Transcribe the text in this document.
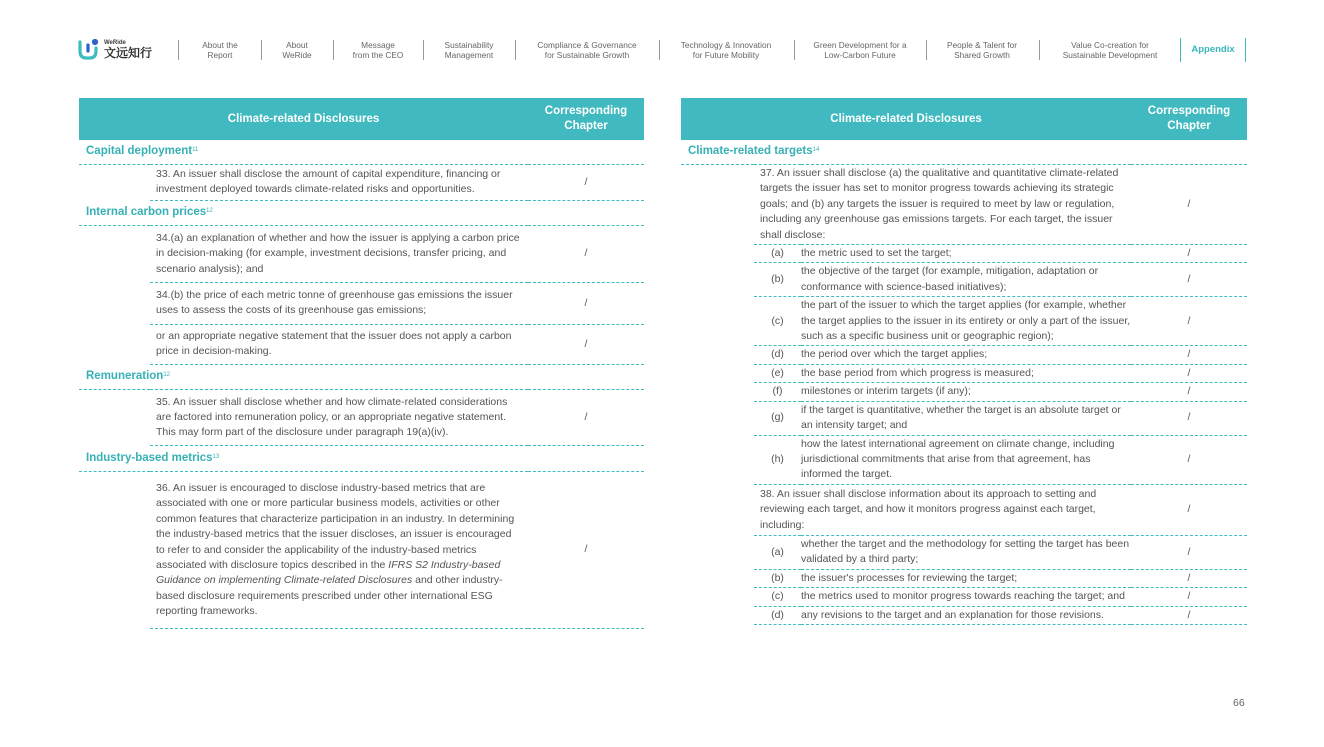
WeRide
文远知行
About the
Report
About
WeRide
Message
from the CEO
Sustainability
Management
Compliance & Governance
for Sustainable Growth
Technology & Innovation
for Future Mobility
Green Development for a
Low-Carbon Future
People & Talent for
Shared Growth
Value Co-creation for
Sustainable Development	Appendix
Climate-related Disclosures		Corresponding Chapter
Capital deployment$^{11}$
	33. An issuer shall disclose the amount of capital expenditure, financing or investment deployed towards climate-related risks and opportunities.	/
Internal carbon prices$^{12}$
	34.(a) an explanation of whether and how the issuer is applying a carbon price in decision-making (for example, investment decisions, transfer pricing, and scenario analysis); and	/
	34.(b) the price of each metric tonne of greenhouse gas emissions the issuer uses to assess the costs of its greenhouse gas emissions;	/
	or an appropriate negative statement that the issuer does not apply a carbon price in decision-making.	/
Remuneration$^{12}$
	35. An issuer shall disclose whether and how climate-related considerations are factored into remuneration policy, or an appropriate negative statement. This may form part of the disclosure under paragraph 19(a)(iv).	/
Industry-based metrics$^{13}$
	36. An issuer is encouraged to disclose industry-based metrics that are associated with one or more particular business models, activities or other common features that characterize participation in an industry. In determining the industry-based metrics that the issuer discloses, an issuer is encouraged to refer to and consider the applicability of the industry-based metrics associated with disclosure topics described in the IFRS S2 Industry-based Guidance on implementing Climate-related Disclosures and other industry-based disclosure requirements prescribed under other international ESG reporting frameworks.	/
Climate-related Disclosures			Corresponding Chapter
Climate-related targets$^{14}$
	37. An issuer shall disclose (a) the qualitative and quantitative climate-related targets the issuer has set to monitor progress towards achieving its strategic goals; and (b) any targets the issuer is required to meet by law or regulation, including any greenhouse gas emissions targets. For each target, the issuer shall disclose:		/
	(a)	the metric used to set the target;	/
	(b)	the objective of the target (for example, mitigation, adaptation or conformance with science-based initiatives);	/
	(c)	the part of the issuer to which the target applies (for example, whether the target applies to the issuer in its entirety or only a part of the issuer, such as a specific business unit or geographic region);	/
	(d)	the period over which the target applies;	/
	(e)	the base period from which progress is measured;	/
	(f)	milestones or interim targets (if any);	/
	(g)	if the target is quantitative, whether the target is an absolute target or an intensity target; and	/
	(h)	how the latest international agreement on climate change, including jurisdictional commitments that arise from that agreement, has informed the target.	/
	38. An issuer shall disclose information about its approach to setting and reviewing each target, and how it monitors progress against each target, including:		/
	(a)	whether the target and the methodology for setting the target has been validated by a third party;	/
	(b)	the issuer's processes for reviewing the target;	/
	(c)	the metrics used to monitor progress towards reaching the target; and	/
	(d)	any revisions to the target and an explanation for those revisions.	/
66
